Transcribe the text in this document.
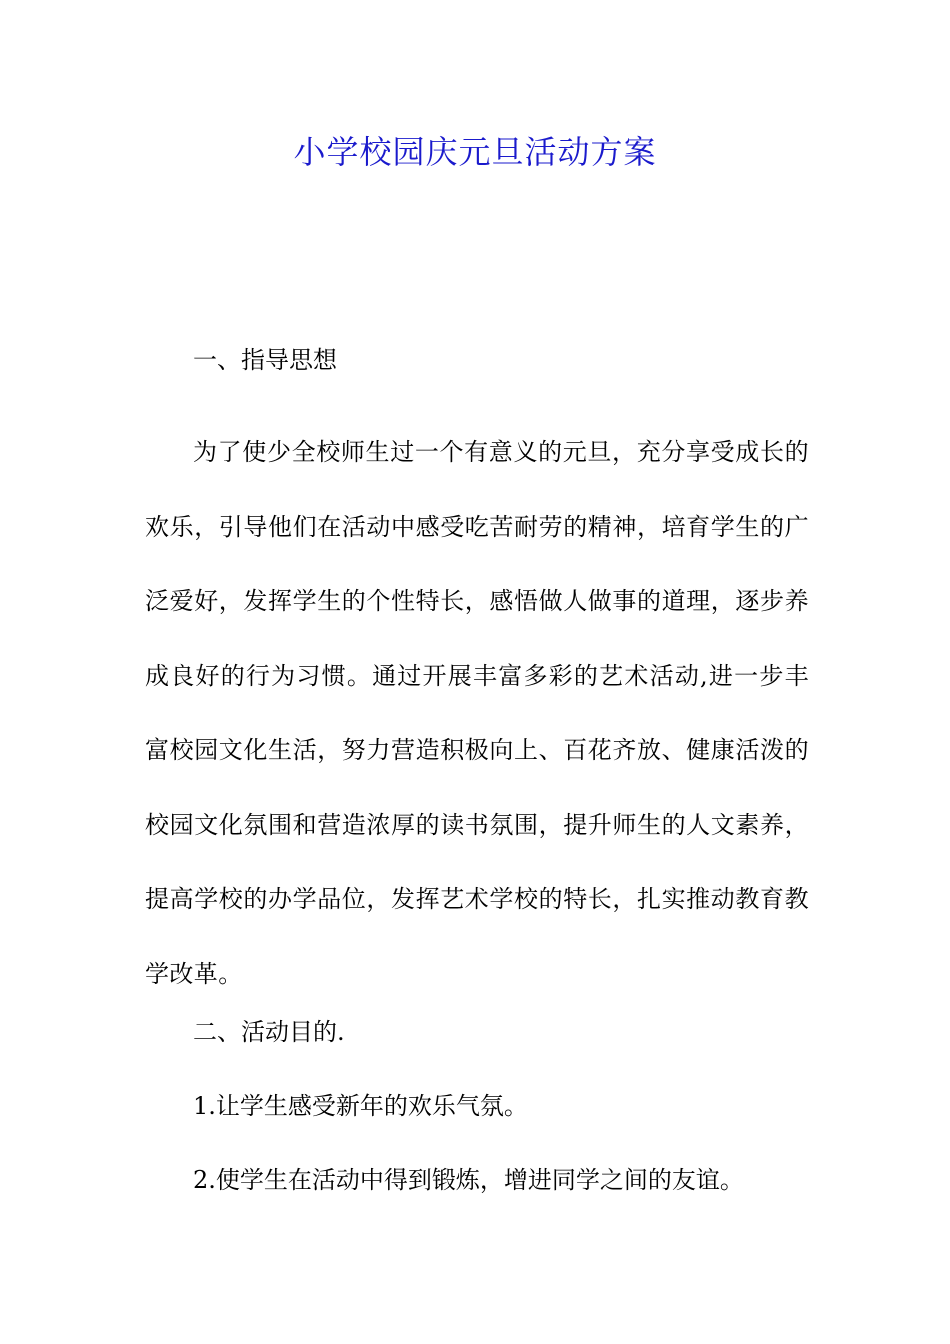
小学校园庆元旦活动方案
一、指导思想
为了使少全校师生过一个有意义的元旦，充分享受成长的欢乐，引导他们在活动中感受吃苦耐劳的精神，培育学生的广泛爱好，发挥学生的个性特长，感悟做人做事的道理，逐步养成良好的行为习惯。通过开展丰富多彩的艺术活动,进一步丰富校园文化生活，努力营造积极向上、百花齐放、健康活泼的校园文化氛围和营造浓厚的读书氛围，提升师生的人文素养，提高学校的办学品位，发挥艺术学校的特长，扎实推动教育教学改革。
二、活动目的.
1.让学生感受新年的欢乐气氛。
2.使学生在活动中得到锻炼，增进同学之间的友谊。
